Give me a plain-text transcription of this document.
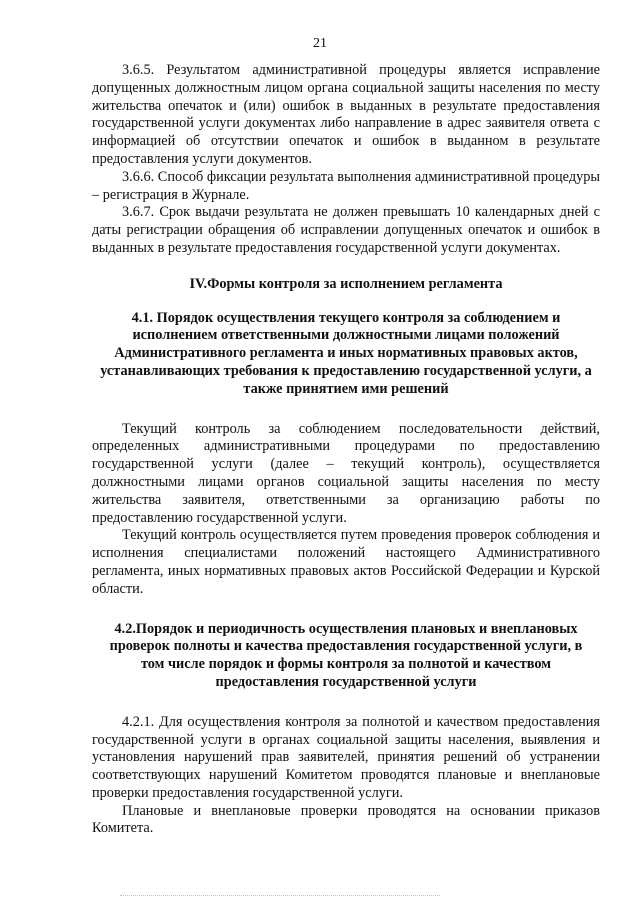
21

3.6.5. Результатом административной процедуры является исправление допущенных должностным лицом органа социальной защиты населения по месту жительства опечаток и (или) ошибок в выданных в результате предоставления государственной услуги документах либо направление в адрес заявителя ответа с информацией об отсутствии опечаток и ошибок в выданном в результате предоставления услуги документов.

3.6.6. Способ фиксации результата выполнения административной процедуры – регистрация в Журнале.

3.6.7. Срок выдачи результата не должен превышать 10 календарных дней с даты регистрации обращения об исправлении допущенных опечаток и ошибок в выданных в результате предоставления государственной услуги документах.

IV.Формы контроля за исполнением регламента
4.1. Порядок осуществления текущего контроля за соблюдением и исполнением ответственными должностными лицами положений Административного регламента и иных нормативных правовых актов, устанавливающих требования к предоставлению государственной услуги, а также принятием ими решений

Текущий контроль за соблюдением последовательности действий, определенных административными процедурами по предоставлению государственной услуги (далее – текущий контроль), осуществляется должностными лицами органов социальной защиты населения по месту жительства заявителя, ответственными за организацию работы по предоставлению государственной услуги.

Текущий контроль осуществляется путем проведения проверок соблюдения и исполнения специалистами положений настоящего Административного регламента, иных нормативных правовых актов Российской Федерации и Курской области.

4.2.Порядок и периодичность осуществления плановых и внеплановых проверок полноты и качества предоставления государственной услуги, в том числе порядок и формы контроля за полнотой и качеством предоставления государственной услуги

4.2.1. Для осуществления контроля за полнотой и качеством предоставления государственной услуги в органах социальной защиты населения, выявления и установления нарушений прав заявителей, принятия решений об устранении соответствующих нарушений Комитетом проводятся плановые и внеплановые проверки предоставления государственной услуги.

Плановые и внеплановые проверки проводятся на основании приказов Комитета.
